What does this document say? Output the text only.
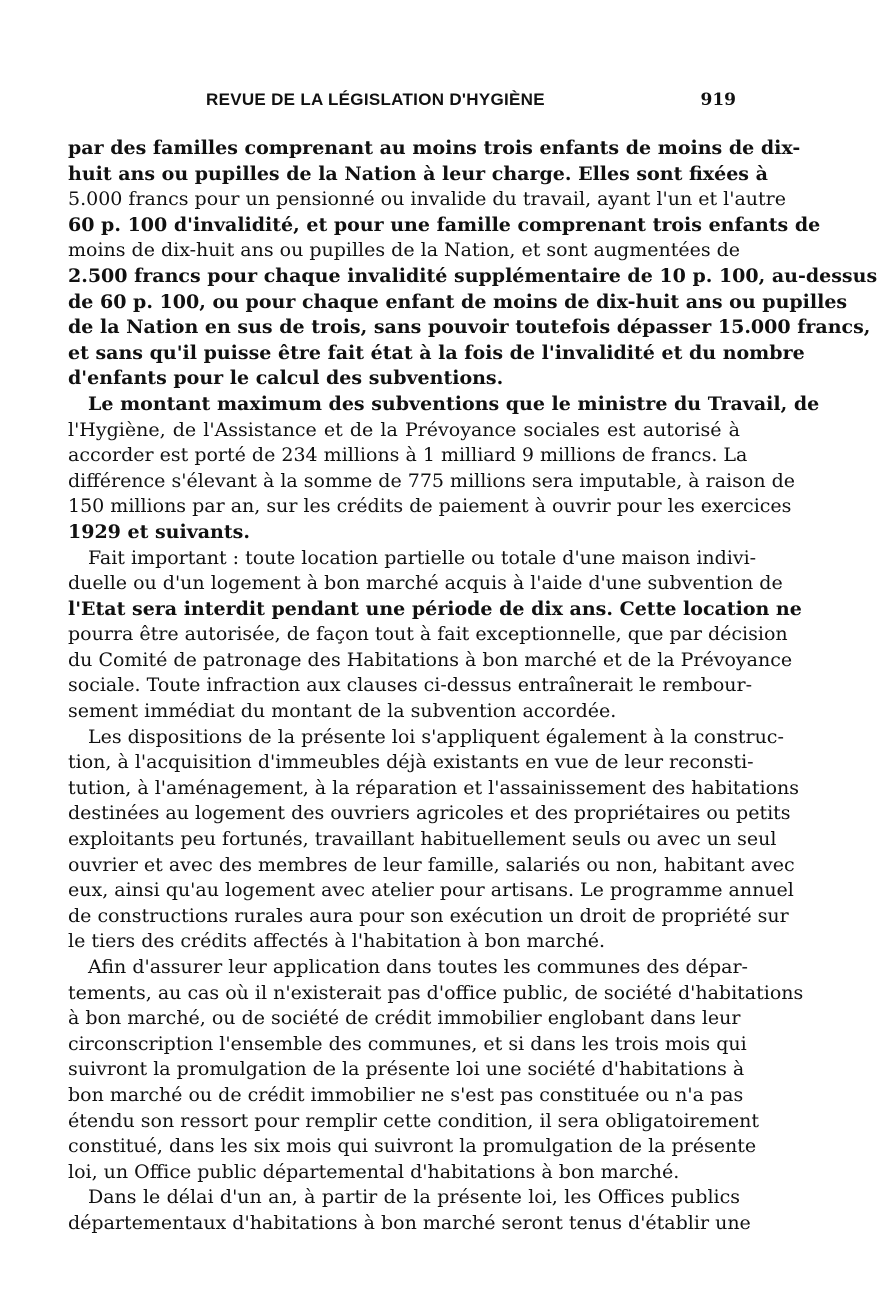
REVUE DE LA LÉGISLATION D'HYGIÈNE	919
par des familles comprenant au moins trois enfants de moins de dix-
huit ans ou pupilles de la Nation à leur charge. Elles sont fixées à
5.000 francs pour un pensionné ou invalide du travail, ayant l'un et l'autre
60 p. 100 d'invalidité, et pour une famille comprenant trois enfants de
moins de dix-huit ans ou pupilles de la Nation, et sont augmentées de
2.500 francs pour chaque invalidité supplémentaire de 10 p. 100, au-dessus
de 60 p. 100, ou pour chaque enfant de moins de dix-huit ans ou pupilles
de la Nation en sus de trois, sans pouvoir toutefois dépasser 15.000 francs,
et sans qu'il puisse être fait état à la fois de l'invalidité et du nombre
d'enfants pour le calcul des subventions.
Le montant maximum des subventions que le ministre du Travail, de
l'Hygiène, de l'Assistance et de la Prévoyance sociales est autorisé à
accorder est porté de 234 millions à 1 milliard 9 millions de francs. La
différence s'élevant à la somme de 775 millions sera imputable, à raison de
150 millions par an, sur les crédits de paiement à ouvrir pour les exercices
1929 et suivants.
Fait important : toute location partielle ou totale d'une maison indivi-
duelle ou d'un logement à bon marché acquis à l'aide d'une subvention de
l'Etat sera interdit pendant une période de dix ans. Cette location ne
pourra être autorisée, de façon tout à fait exceptionnelle, que par décision
du Comité de patronage des Habitations à bon marché et de la Prévoyance
sociale. Toute infraction aux clauses ci-dessus entraînerait le rembour-
sement immédiat du montant de la subvention accordée.
Les dispositions de la présente loi s'appliquent également à la construc-
tion, à l'acquisition d'immeubles déjà existants en vue de leur reconsti-
tution, à l'aménagement, à la réparation et l'assainissement des habitations
destinées au logement des ouvriers agricoles et des propriétaires ou petits
exploitants peu fortunés, travaillant habituellement seuls ou avec un seul
ouvrier et avec des membres de leur famille, salariés ou non, habitant avec
eux, ainsi qu'au logement avec atelier pour artisans. Le programme annuel
de constructions rurales aura pour son exécution un droit de propriété sur
le tiers des crédits affectés à l'habitation à bon marché.
Afin d'assurer leur application dans toutes les communes des dépar-
tements, au cas où il n'existerait pas d'office public, de société d'habitations
à bon marché, ou de société de crédit immobilier englobant dans leur
circonscription l'ensemble des communes, et si dans les trois mois qui
suivront la promulgation de la présente loi une société d'habitations à
bon marché ou de crédit immobilier ne s'est pas constituée ou n'a pas
étendu son ressort pour remplir cette condition, il sera obligatoirement
constitué, dans les six mois qui suivront la promulgation de la présente
loi, un Office public départemental d'habitations à bon marché.
Dans le délai d'un an, à partir de la présente loi, les Offices publics
départementaux d'habitations à bon marché seront tenus d'établir une
